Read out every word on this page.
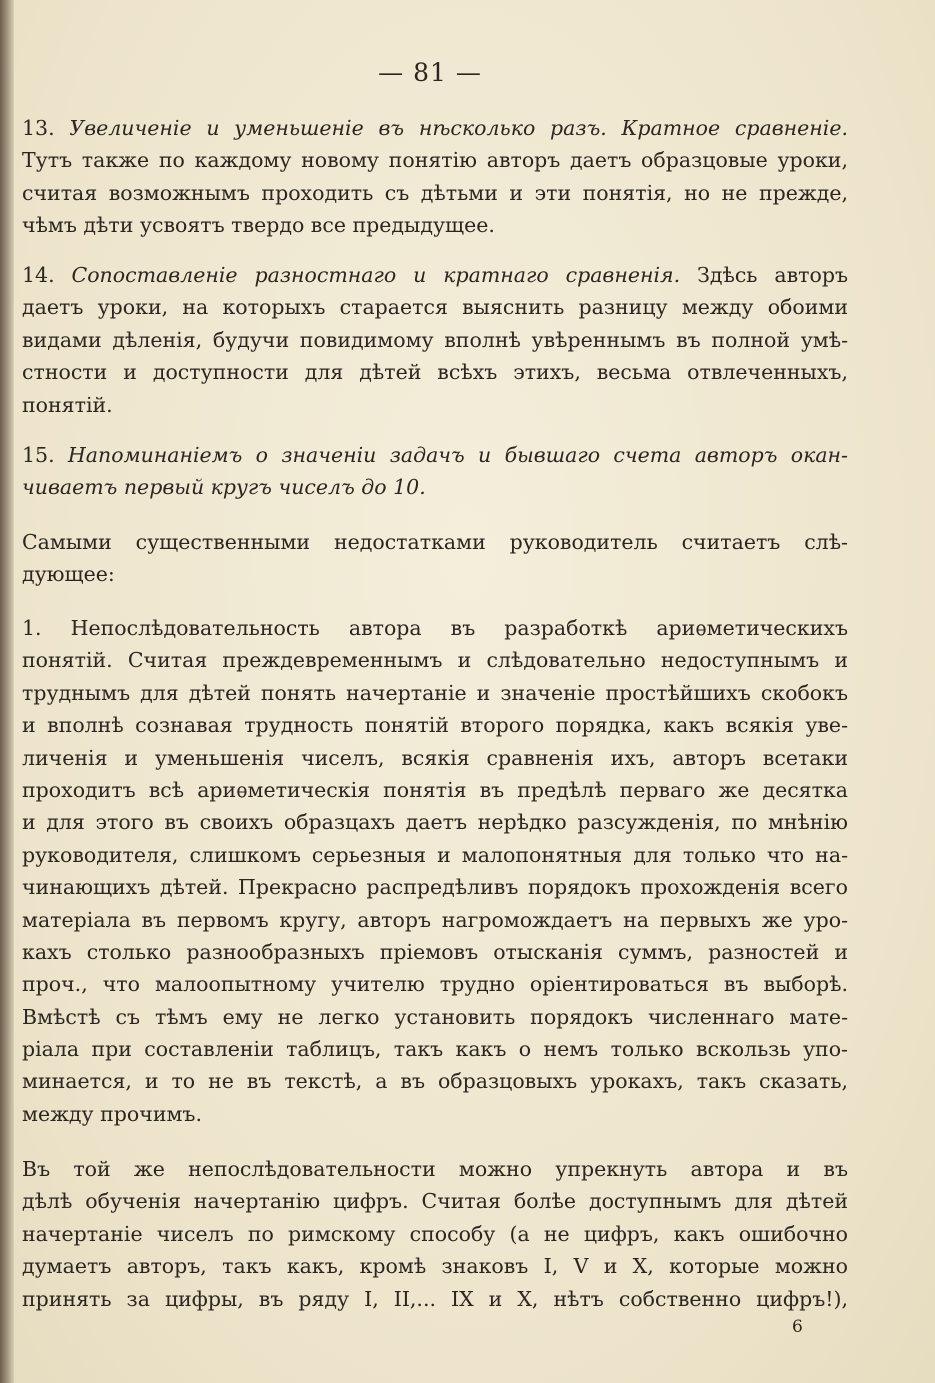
— 81 —
13. Увеличенiе и уменьшенiе въ нѣсколько разъ. Кратное сравненiе.
Тутъ также по каждому новому понятiю авторъ даетъ образцовые уроки,
считая возможнымъ проходить съ дѣтьми и эти понятiя, но не прежде,
чѣмъ дѣти усвоятъ твердо все предыдущее.
14. Сопоставленiе разностнаго и кратнаго сравненiя. Здѣсь авторъ
даетъ уроки, на которыхъ старается выяснить разницу между обоими
видами дѣленiя, будучи повидимому вполнѣ увѣреннымъ въ полной умѣ-
стности и доступности для дѣтей всѣхъ этихъ, весьма отвлеченныхъ,
понятiй.
15. Напоминанiемъ о значенiи задачъ и бывшаго счета авторъ окан-
чиваетъ первый кругъ чиселъ до 10.
Самыми существенными недостатками руководитель считаетъ слѣ-
дующее:
1. Непослѣдовательность автора въ разработкѣ ариѳметическихъ
понятiй. Считая преждевременнымъ и слѣдовательно недоступнымъ и
труднымъ для дѣтей понять начертанiе и значенiе простѣйшихъ скобокъ
и вполнѣ сознавая трудность понятiй второго порядка, какъ всякiя уве-
личенiя и уменьшенiя чиселъ, всякiя сравненiя ихъ, авторъ всетаки
проходитъ всѣ ариѳметическiя понятiя въ предѣлѣ перваго же десятка
и для этого въ своихъ образцахъ даетъ нерѣдко разсужденiя, по мнѣнiю
руководителя, слишкомъ серьезныя и малопонятныя для только что на-
чинающихъ дѣтей. Прекрасно распредѣливъ порядокъ прохожденiя всего
матерiала въ первомъ кругу, авторъ нагромождаетъ на первыхъ же уро-
кахъ столько разнообразныхъ прiемовъ отысканiя суммъ, разностей и
проч., что малоопытному учителю трудно орiентироваться въ выборѣ.
Вмѣстѣ съ тѣмъ ему не легко установить порядокъ численнаго мате-
рiала при составленiи таблицъ, такъ какъ о немъ только вскользь упо-
минается, и то не въ текстѣ, а въ образцовыхъ урокахъ, такъ сказать,
между прочимъ.
Въ той же непослѣдовательности можно упрекнуть автора и въ
дѣлѣ обученiя начертанiю цифръ. Считая болѣе доступнымъ для дѣтей
начертанiе чиселъ по римскому способу (а не цифръ, какъ ошибочно
думаетъ авторъ, такъ какъ, кромѣ знаковъ I, V и X, которые можно
принять за цифры, въ ряду I, II,... IX и X, нѣтъ собственно цифръ!),
6
